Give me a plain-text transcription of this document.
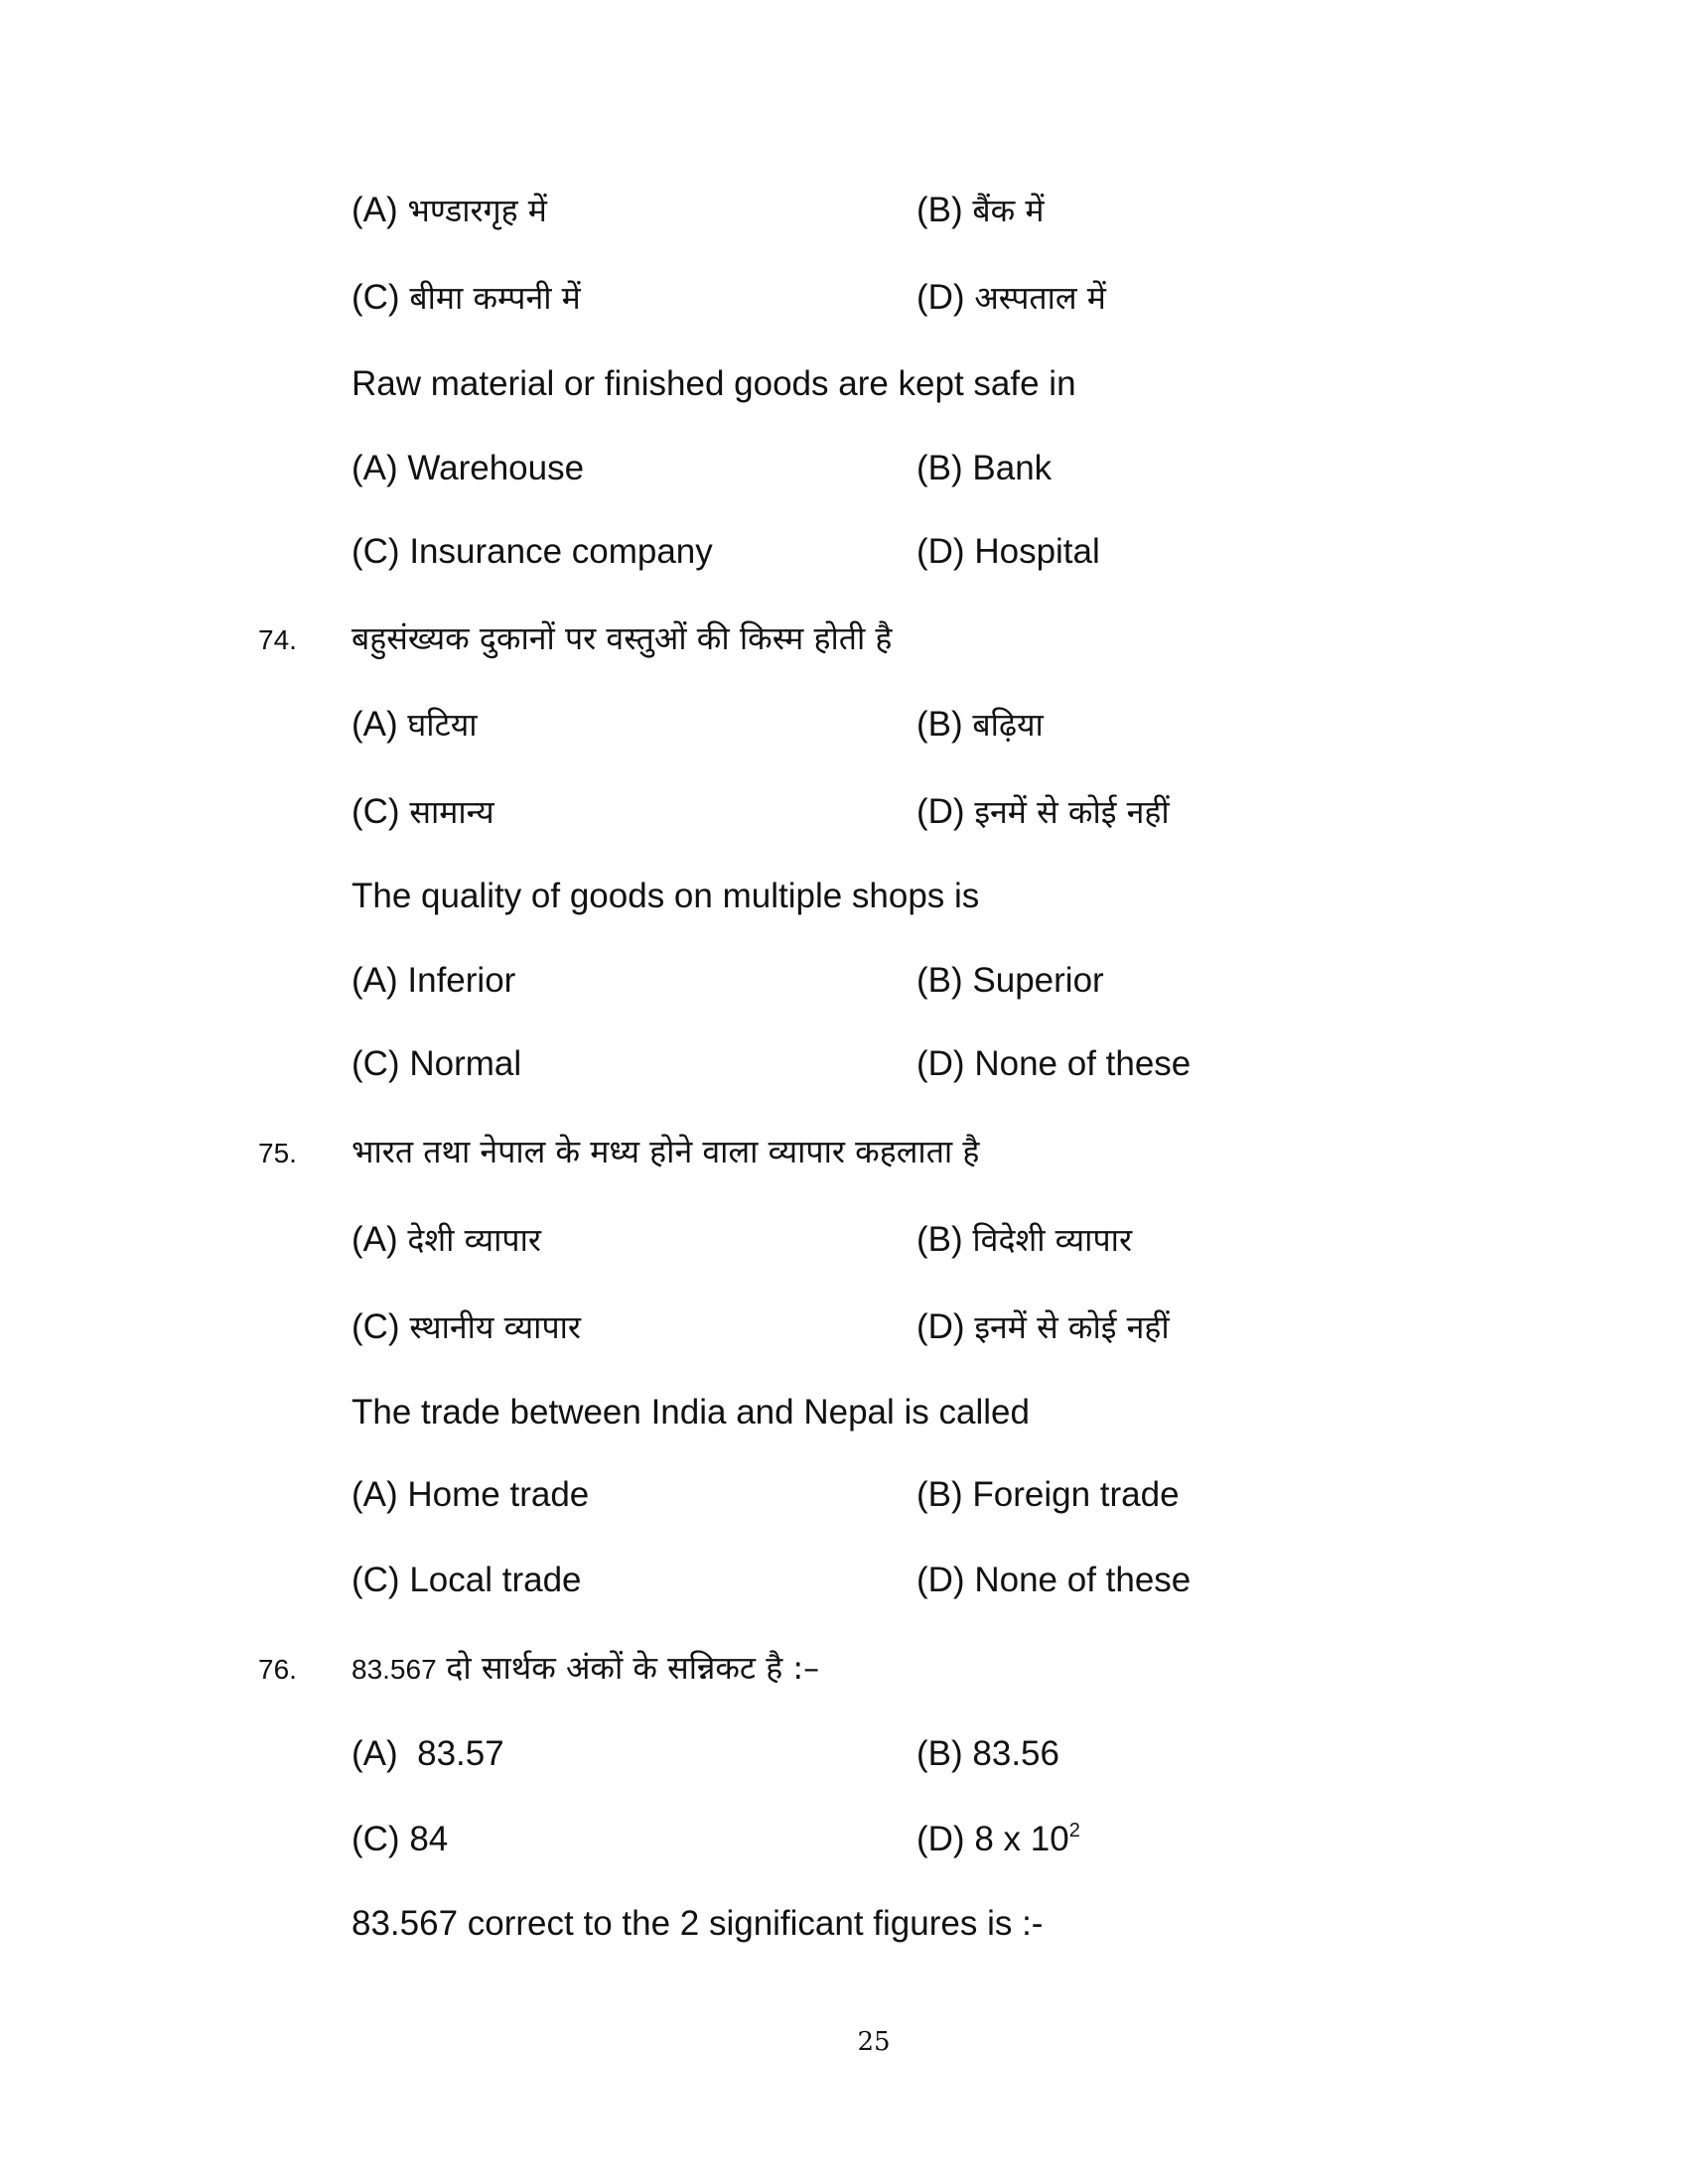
(A) भण्डारगृह में	(B) बैंक में
(C) बीमा कम्पनी में	(D) अस्पताल में
Raw material or finished goods are kept safe in
(A) Warehouse	(B) Bank
(C) Insurance company	(D) Hospital
74. बहुसंख्यक दुकानों पर वस्तुओं की किस्म होती है
(A) घटिया	(B) बढ़िया
(C) सामान्य	(D) इनमें से कोई नहीं
The quality of goods on multiple shops is
(A) Inferior	(B) Superior
(C) Normal	(D) None of these
75. भारत तथा नेपाल के मध्य होने वाला व्यापार कहलाता है
(A) देशी व्यापार	(B) विदेशी व्यापार
(C) स्थानीय व्यापार	(D) इनमें से कोई नहीं
The trade between India and Nepal is called
(A) Home trade	(B) Foreign trade
(C) Local trade	(D) None of these
76. 83.567 दो सार्थक अंकों के सन्निकट है :–
(A)  83.57	(B) 83.56
(C) 84	(D) 8 x $10^2$
83.567 correct to the 2 significant figures is :-
25
